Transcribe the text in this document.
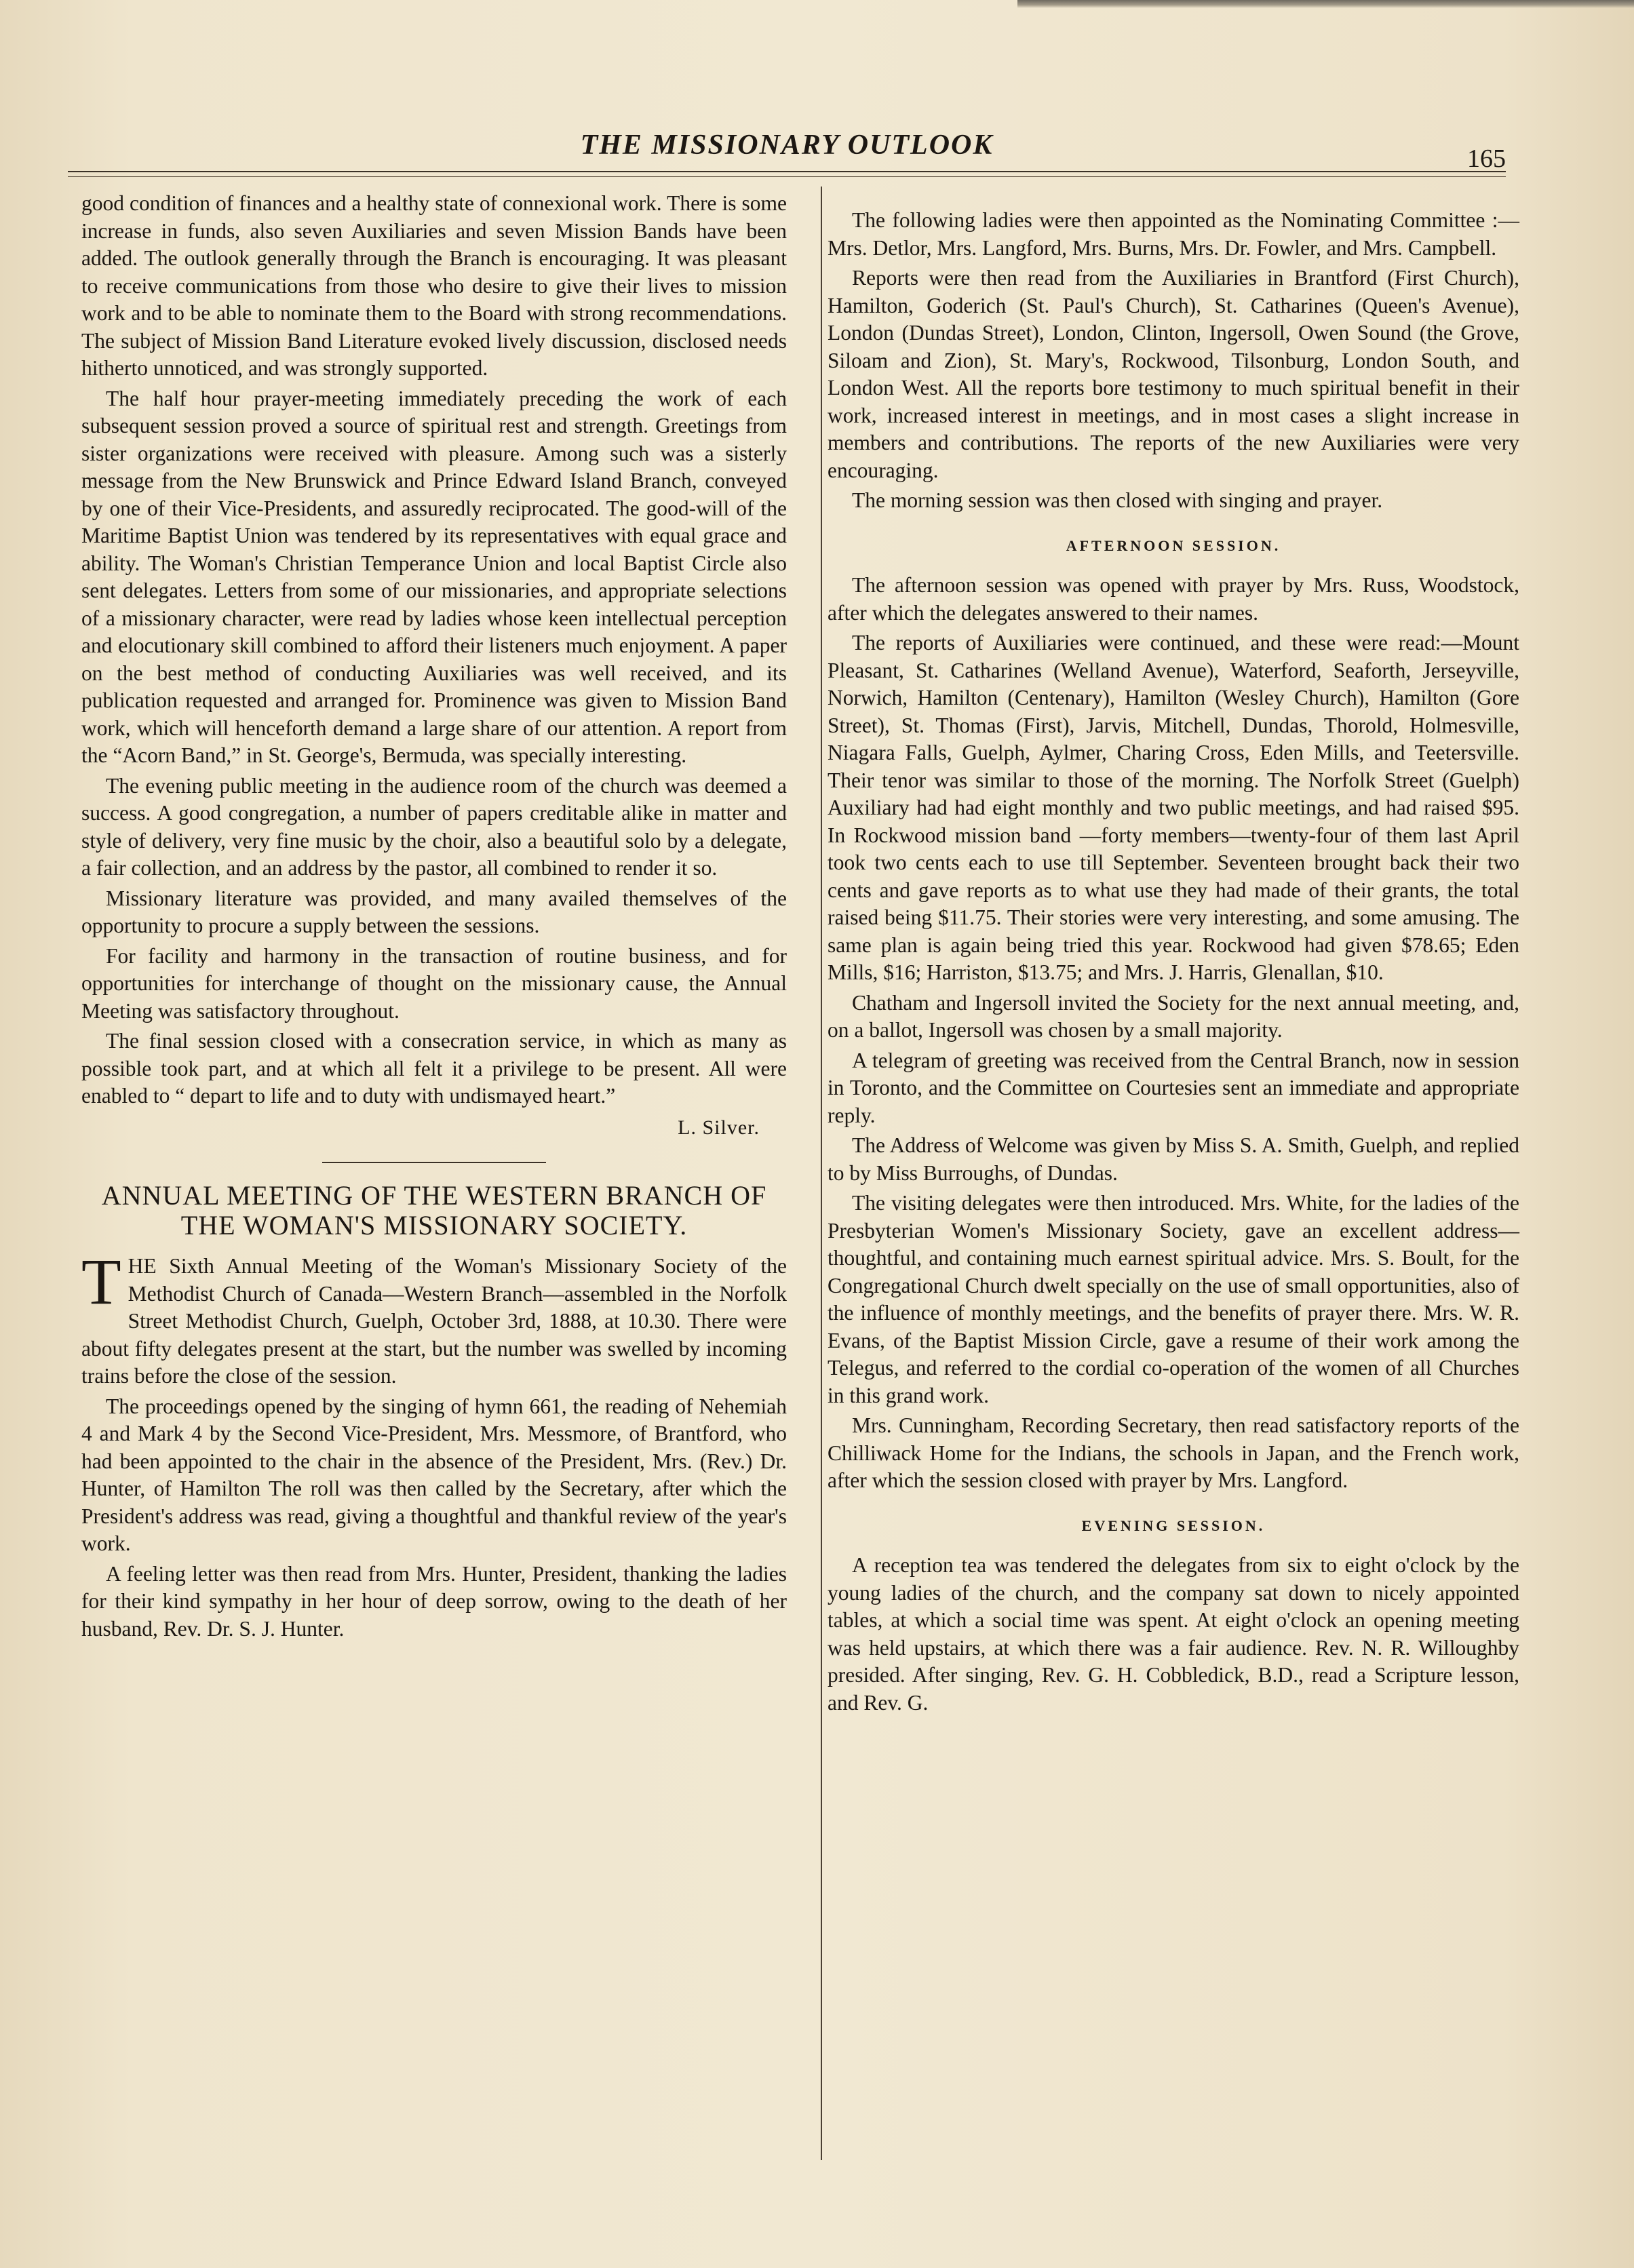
THE MISSIONARY OUTLOOK	165

good condition of finances and a healthy state of connexional work. There is some increase in funds, also seven Auxiliaries and seven Mission Bands have been added. The outlook generally through the Branch is encouraging. It was pleasant to receive communications from those who desire to give their lives to mission work and to be able to nominate them to the Board with strong recommendations. The subject of Mission Band Literature evoked lively discussion, disclosed needs hitherto unnoticed, and was strongly supported.

The half hour prayer-meeting immediately preceding the work of each subsequent session proved a source of spiritual rest and strength. Greetings from sister organizations were received with pleasure. Among such was a sisterly message from the New Brunswick and Prince Edward Island Branch, conveyed by one of their Vice-Presidents, and assuredly reciprocated. The good-will of the Maritime Baptist Union was tendered by its representatives with equal grace and ability. The Woman's Christian Temperance Union and local Baptist Circle also sent delegates. Letters from some of our missionaries, and appropriate selections of a missionary character, were read by ladies whose keen intellectual perception and elocutionary skill combined to afford their listeners much enjoyment. A paper on the best method of conducting Auxiliaries was well received, and its publication requested and arranged for. Prominence was given to Mission Band work, which will henceforth demand a large share of our attention. A report from the “Acorn Band,” in St. George's, Bermuda, was specially interesting.

The evening public meeting in the audience room of the church was deemed a success. A good congregation, a number of papers creditable alike in matter and style of delivery, very fine music by the choir, also a beautiful solo by a delegate, a fair collection, and an address by the pastor, all combined to render it so.

Missionary literature was provided, and many availed themselves of the opportunity to procure a supply between the sessions.

For facility and harmony in the transaction of routine business, and for opportunities for interchange of thought on the missionary cause, the Annual Meeting was satisfactory throughout.

The final session closed with a consecration service, in which as many as possible took part, and at which all felt it a privilege to be present. All were enabled to “ depart to life and to duty with undismayed heart.”

L. Silver.
ANNUAL MEETING OF THE WESTERN BRANCH OF THE WOMAN'S MISSIONARY SOCIETY.

THE Sixth Annual Meeting of the Woman's Missionary Society of the Methodist Church of Canada—Western Branch—assembled in the Norfolk Street Methodist Church, Guelph, October 3rd, 1888, at 10.30. There were about fifty delegates present at the start, but the number was swelled by incoming trains before the close of the session.

The proceedings opened by the singing of hymn 661, the reading of Nehemiah 4 and Mark 4 by the Second Vice-President, Mrs. Messmore, of Brantford, who had been appointed to the chair in the absence of the President, Mrs. (Rev.) Dr. Hunter, of Hamilton The roll was then called by the Secretary, after which the President's address was read, giving a thoughtful and thankful review of the year's work.

A feeling letter was then read from Mrs. Hunter, President, thanking the ladies for their kind sympathy in her hour of deep sorrow, owing to the death of her husband, Rev. Dr. S. J. Hunter.

The following ladies were then appointed as the Nominating Committee :—Mrs. Detlor, Mrs. Langford, Mrs. Burns, Mrs. Dr. Fowler, and Mrs. Campbell.

Reports were then read from the Auxiliaries in Brantford (First Church), Hamilton, Goderich (St. Paul's Church), St. Catharines (Queen's Avenue), London (Dundas Street), London, Clinton, Ingersoll, Owen Sound (the Grove, Siloam and Zion), St. Mary's, Rockwood, Tilsonburg, London South, and London West. All the reports bore testimony to much spiritual benefit in their work, increased interest in meetings, and in most cases a slight increase in members and contributions. The reports of the new Auxiliaries were very encouraging.

The morning session was then closed with singing and prayer.

AFTERNOON SESSION.

The afternoon session was opened with prayer by Mrs. Russ, Woodstock, after which the delegates answered to their names.

The reports of Auxiliaries were continued, and these were read:—Mount Pleasant, St. Catharines (Welland Avenue), Waterford, Seaforth, Jerseyville, Norwich, Hamilton (Centenary), Hamilton (Wesley Church), Hamilton (Gore Street), St. Thomas (First), Jarvis, Mitchell, Dundas, Thorold, Holmesville, Niagara Falls, Guelph, Aylmer, Charing Cross, Eden Mills, and Teetersville. Their tenor was similar to those of the morning. The Norfolk Street (Guelph) Auxiliary had had eight monthly and two public meetings, and had raised $95. In Rockwood mission band —forty members—twenty-four of them last April took two cents each to use till September. Seventeen brought back their two cents and gave reports as to what use they had made of their grants, the total raised being $11.75. Their stories were very interesting, and some amusing. The same plan is again being tried this year. Rockwood had given $78.65; Eden Mills, $16; Harriston, $13.75; and Mrs. J. Harris, Glenallan, $10.

Chatham and Ingersoll invited the Society for the next annual meeting, and, on a ballot, Ingersoll was chosen by a small majority.

A telegram of greeting was received from the Central Branch, now in session in Toronto, and the Committee on Courtesies sent an immediate and appropriate reply.

The Address of Welcome was given by Miss S. A. Smith, Guelph, and replied to by Miss Burroughs, of Dundas.

The visiting delegates were then introduced. Mrs. White, for the ladies of the Presbyterian Women's Missionary Society, gave an excellent address—thoughtful, and containing much earnest spiritual advice. Mrs. S. Boult, for the Congregational Church dwelt specially on the use of small opportunities, also of the influence of monthly meetings, and the benefits of prayer there. Mrs. W. R. Evans, of the Baptist Mission Circle, gave a resume of their work among the Telegus, and referred to the cordial co-operation of the women of all Churches in this grand work.

Mrs. Cunningham, Recording Secretary, then read satisfactory reports of the Chilliwack Home for the Indians, the schools in Japan, and the French work, after which the session closed with prayer by Mrs. Langford.

EVENING SESSION.

A reception tea was tendered the delegates from six to eight o'clock by the young ladies of the church, and the company sat down to nicely appointed tables, at which a social time was spent. At eight o'clock an opening meeting was held upstairs, at which there was a fair audience. Rev. N. R. Willoughby presided. After singing, Rev. G. H. Cobbledick, B.D., read a Scripture lesson, and Rev. G.
